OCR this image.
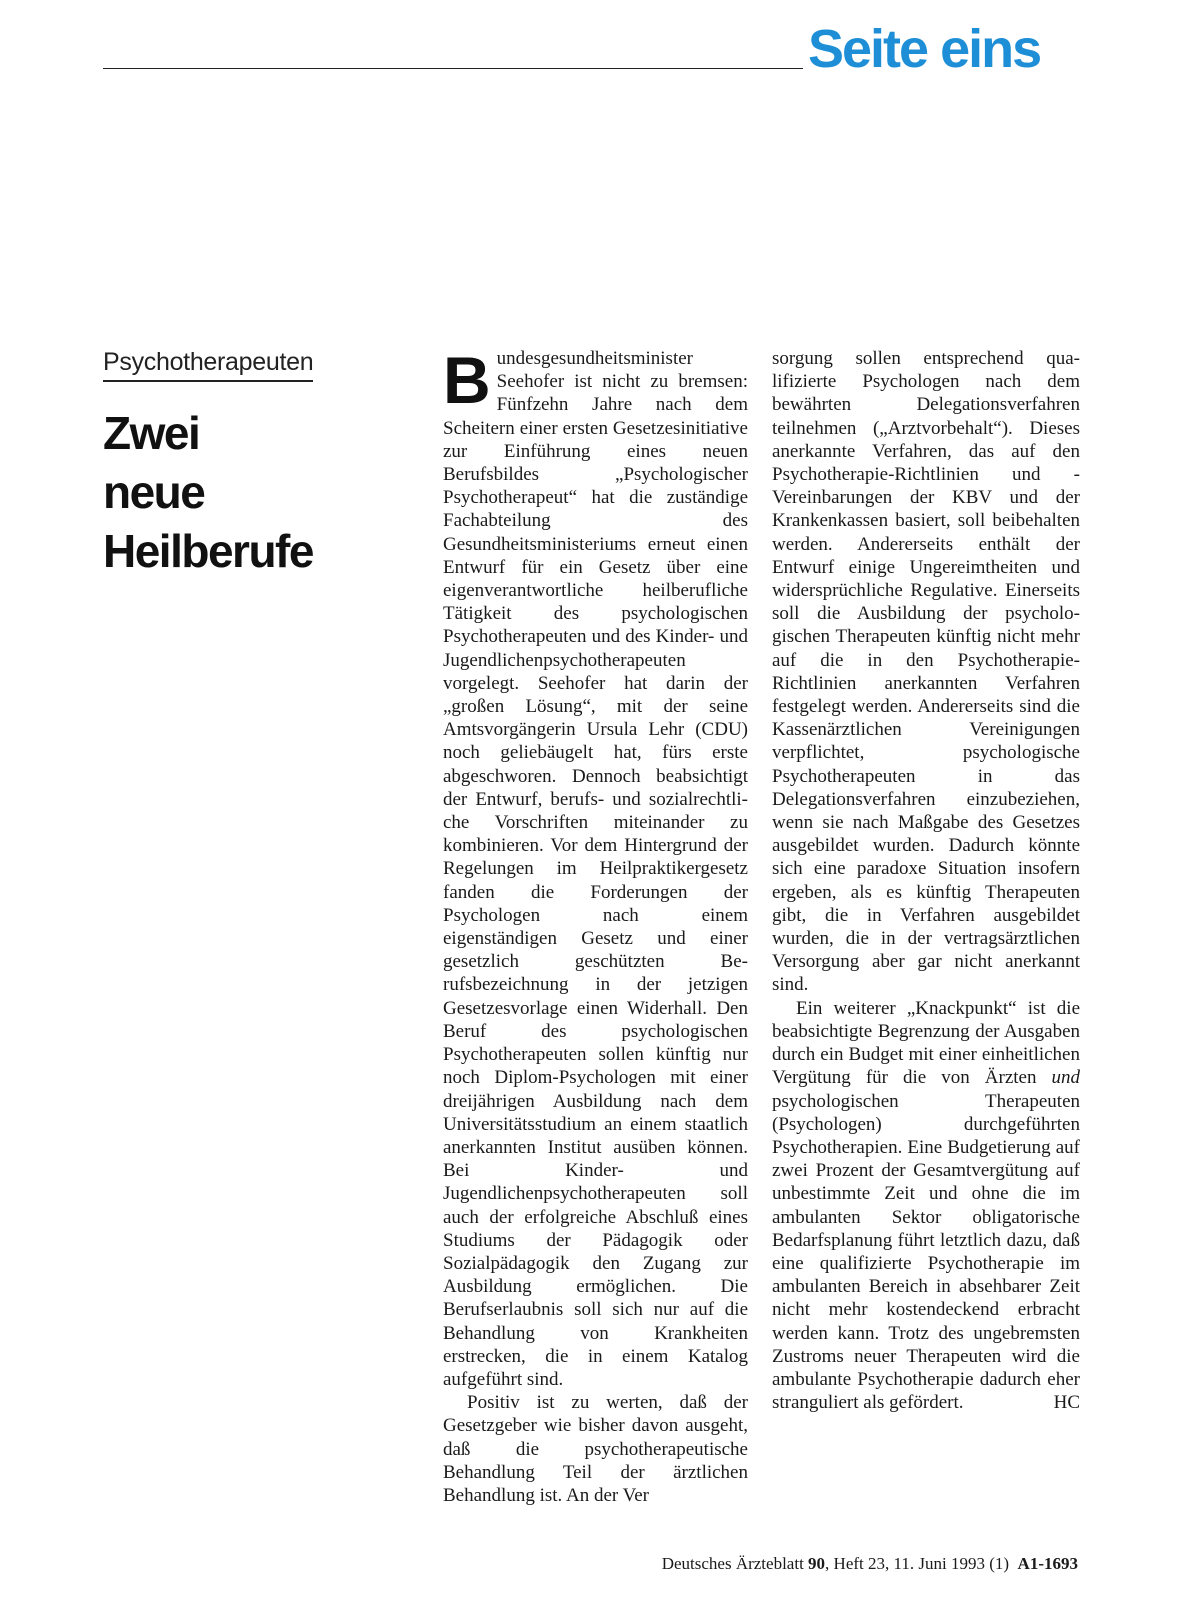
Seite eins
Psychotherapeuten
Zwei
neue
Heilberufe

Bundesgesundheitsminister Seehofer ist nicht zu bremsen: Fünfzehn Jahre nach dem Scheitern einer ersten Gesetzesinitiative zur Einführung eines neuen Berufsbildes „Psychologischer Psychotherapeut“ hat die zuständige Fachabteilung des Gesundheitsministeriums erneut einen Entwurf für ein Gesetz über eine eigenverantwortliche heilberufliche Tätigkeit des psychologischen Psychotherapeuten und des Kinder- und Jugendlichenpsychotherapeuten vorgelegt. Seehofer hat darin der „großen Lösung“, mit der seine Amtsvorgängerin Ursula Lehr (CDU) noch geliebäugelt hat, fürs erste abgeschworen. Dennoch beabsichtigt der Entwurf, berufs- und sozialrechtliche Vorschriften miteinander zu kombinieren. Vor dem Hintergrund der Regelungen im Heilpraktikergesetz fanden die Forderungen der Psychologen nach einem eigenständigen Gesetz und einer gesetzlich geschützten Berufsbezeichnung in der jetzigen Gesetzesvorlage einen Widerhall. Den Beruf des psychologischen Psychotherapeuten sollen künftig nur noch Diplom-Psychologen mit einer dreijährigen Ausbildung nach dem Universitätsstudium an einem staatlich anerkannten Institut ausüben können. Bei Kinder- und Jugendlichenpsychotherapeuten soll auch der erfolgreiche Abschluß eines Studiums der Pädagogik oder Sozialpädagogik den Zugang zur Ausbildung ermöglichen. Die Berufserlaubnis soll sich nur auf die Behandlung von Krankheiten erstrecken, die in einem Katalog aufgeführt sind.

Positiv ist zu werten, daß der Gesetzgeber wie bisher davon ausgeht, daß die psychotherapeutische Behandlung Teil der ärztlichen Behandlung ist. An der Ver

sorgung sollen entsprechend qualifizierte Psychologen nach dem bewährten Delegationsverfahren teilnehmen („Arztvorbehalt“). Dieses anerkannte Verfahren, das auf den Psychotherapie-Richtlinien und -Vereinbarungen der KBV und der Krankenkassen basiert, soll beibehalten werden. Andererseits enthält der Entwurf einige Ungereimtheiten und widersprüchliche Regulative. Einerseits soll die Ausbildung der psychologischen Therapeuten künftig nicht mehr auf die in den Psychotherapie-Richtlinien anerkannten Verfahren festgelegt werden. Andererseits sind die Kassenärztlichen Vereinigungen verpflichtet, psychologische Psychotherapeuten in das Delegationsverfahren einzubeziehen, wenn sie nach Maßgabe des Gesetzes ausgebildet wurden. Dadurch könnte sich eine paradoxe Situation insofern ergeben, als es künftig Therapeuten gibt, die in Verfahren ausgebildet wurden, die in der vertragsärztlichen Versorgung aber gar nicht anerkannt sind.

Ein weiterer „Knackpunkt“ ist die beabsichtigte Begrenzung der Ausgaben durch ein Budget mit einer einheitlichen Vergütung für die von Ärzten und psychologischen Therapeuten (Psychologen) durchgeführten Psychotherapien. Eine Budgetierung auf zwei Prozent der Gesamtvergütung auf unbestimmte Zeit und ohne die im ambulanten Sektor obligatorische Bedarfsplanung führt letztlich dazu, daß eine qualifizierte Psychotherapie im ambulanten Bereich in absehbarer Zeit nicht mehr kostendeckend erbracht werden kann. Trotz des ungebremsten Zustroms neuer Therapeuten wird die ambulante Psychotherapie dadurch eher stranguliert als gefördert.	HC

Deutsches Ärzteblatt 90, Heft 23, 11. Juni 1993 (1) A1-1693
